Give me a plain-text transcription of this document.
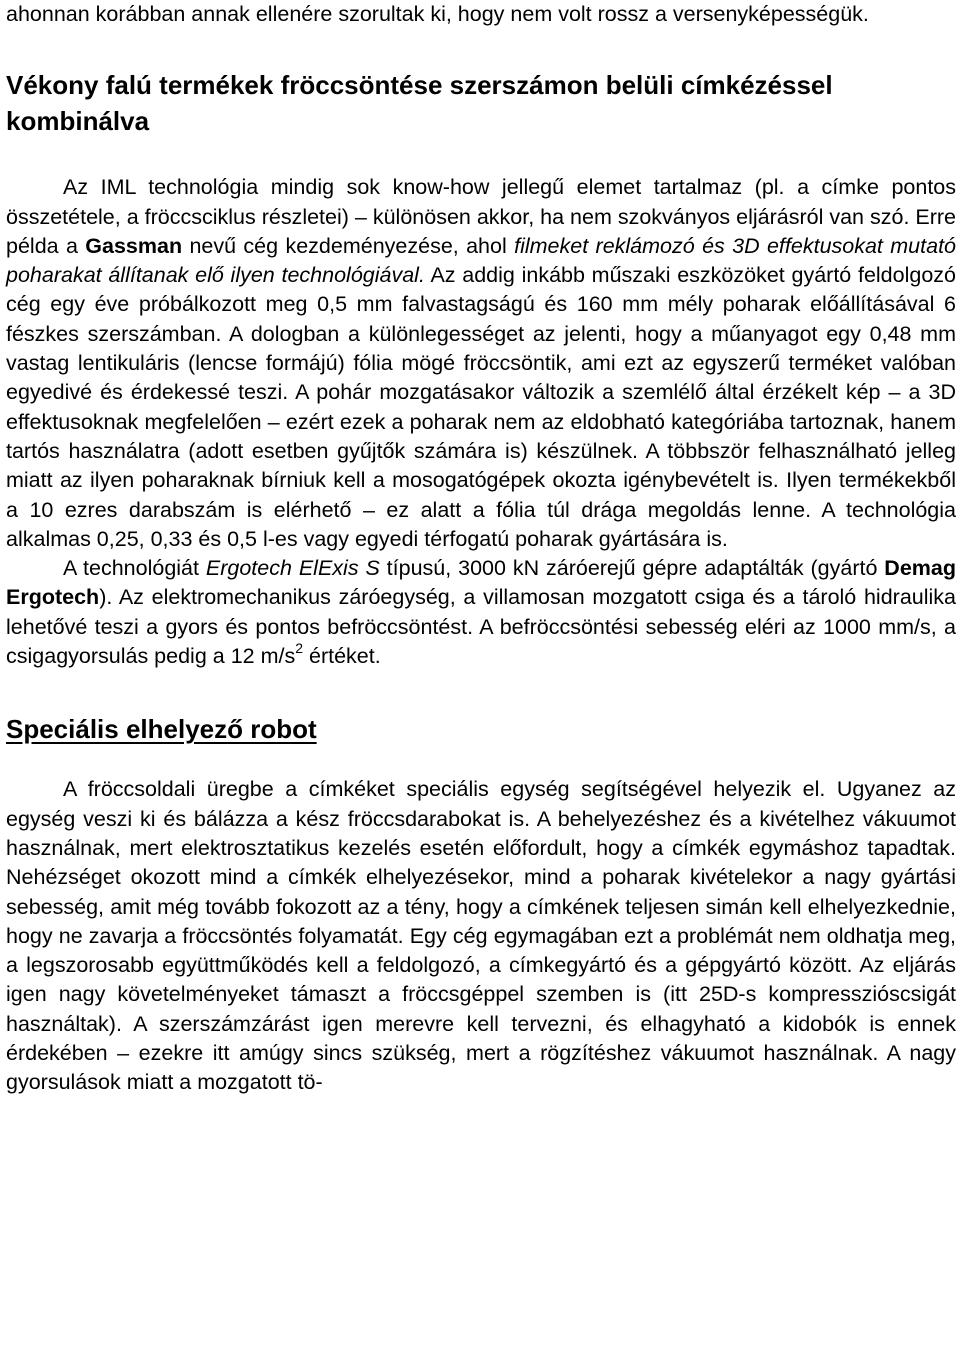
ahonnan korábban annak ellenére szorultak ki, hogy nem volt rossz a versenyképességük.

Vékony falú termékek fröccsöntése szerszámon belüli címkézéssel kombinálva

Az IML technológia mindig sok know-how jellegű elemet tartalmaz (pl. a címke pontos összetétele, a fröccsciklus részletei) – különösen akkor, ha nem szokványos eljárásról van szó. Erre példa a Gassman nevű cég kezdeményezése, ahol filmeket reklámozó és 3D effektusokat mutató poharakat állítanak elő ilyen technológiával. Az addig inkább műszaki eszközöket gyártó feldolgozó cég egy éve próbálkozott meg 0,5 mm falvastagságú és 160 mm mély poharak előállításával 6 fészkes szerszámban. A dologban a különlegességet az jelenti, hogy a műanyagot egy 0,48 mm vastag lentikuláris (lencse formájú) fólia mögé fröccsöntik, ami ezt az egyszerű terméket valóban egyedivé és érdekessé teszi. A pohár mozgatásakor változik a szemlélő által érzékelt kép – a 3D effektusoknak megfelelően – ezért ezek a poharak nem az eldobható kategóriába tartoznak, hanem tartós használatra (adott esetben gyűjtők számára is) készülnek. A többször felhasználható jelleg miatt az ilyen poharaknak bírniuk kell a mosogatógépek okozta igénybevételt is. Ilyen termékekből a 10 ezres darabszám is elérhető – ez alatt a fólia túl drága megoldás lenne. A technológia alkalmas 0,25, 0,33 és 0,5 l-es vagy egyedi térfogatú poharak gyártására is.

A technológiát Ergotech ElExis S típusú, 3000 kN záróerejű gépre adaptálták (gyártó Demag Ergotech). Az elektromechanikus záróegység, a villamosan mozgatott csiga és a tároló hidraulika lehetővé teszi a gyors és pontos befröccsöntést. A befröccsöntési sebesség eléri az 1000 mm/s, a csigagyorsulás pedig a 12 $m/s^2$ értéket.

Speciális elhelyező robot

A fröccsoldali üregbe a címkéket speciális egység segítségével helyezik el. Ugyanez az egység veszi ki és bálázza a kész fröccsdarabokat is. A behelyezéshez és a kivételhez vákuumot használnak, mert elektrosztatikus kezelés esetén előfordult, hogy a címkék egymáshoz tapadtak. Nehézséget okozott mind a címkék elhelyezésekor, mind a poharak kivételekor a nagy gyártási sebesség, amit még tovább fokozott az a tény, hogy a címkének teljesen simán kell elhelyezkednie, hogy ne zavarja a fröccsöntés folyamatát. Egy cég egymagában ezt a problémát nem oldhatja meg, a legszorosabb együttműködés kell a feldolgozó, a címkegyártó és a gépgyártó között. Az eljárás igen nagy követelményeket támaszt a fröccsgéppel szemben is (itt 25D-s kompresszióscsigát használtak). A szerszámzárást igen merevre kell tervezni, és elhagyható a kidobók is ennek érdekében – ezekre itt amúgy sincs szükség, mert a rögzítéshez vákuumot használnak. A nagy gyorsulások miatt a mozgatott tö-
